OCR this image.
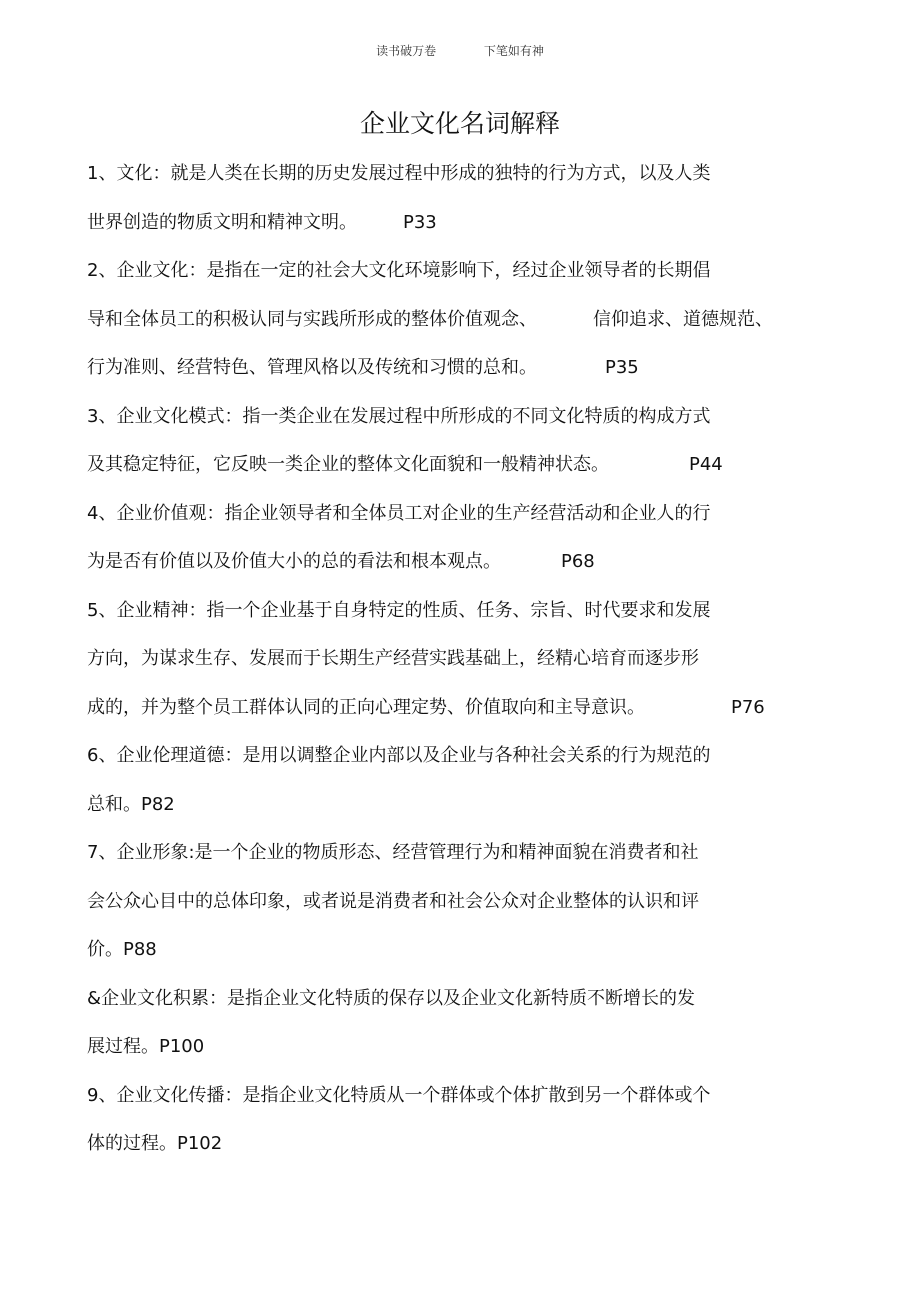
读书破万卷	下笔如有神
企业文化名词解释
1、文化：就是人类在长期的历史发展过程中形成的独特的行为方式，以及人类
世界创造的物质文明和精神文明。	P33
2、企业文化：是指在一定的社会大文化环境影响下，经过企业领导者的长期倡
导和全体员工的积极认同与实践所形成的整体价值观念、	信仰追求、道德规范、
行为准则、经营特色、管理风格以及传统和习惯的总和。	P35
3、企业文化模式：指一类企业在发展过程中所形成的不同文化特质的构成方式
及其稳定特征，它反映一类企业的整体文化面貌和一般精神状态。	P44
4、企业价值观：指企业领导者和全体员工对企业的生产经营活动和企业人的行
为是否有价值以及价值大小的总的看法和根本观点。	P68
5、企业精神：指一个企业基于自身特定的性质、任务、宗旨、时代要求和发展
方向，为谋求生存、发展而于长期生产经营实践基础上，经精心培育而逐步形
成的，并为整个员工群体认同的正向心理定势、价值取向和主导意识。	P76
6、企业伦理道德：是用以调整企业内部以及企业与各种社会关系的行为规范的
总和。P82
7、企业形象:是一个企业的物质形态、经营管理行为和精神面貌在消费者和社
会公众心目中的总体印象，或者说是消费者和社会公众对企业整体的认识和评
价。P88
&企业文化积累：是指企业文化特质的保存以及企业文化新特质不断增长的发
展过程。P100
9、企业文化传播：是指企业文化特质从一个群体或个体扩散到另一个群体或个
体的过程。P102
